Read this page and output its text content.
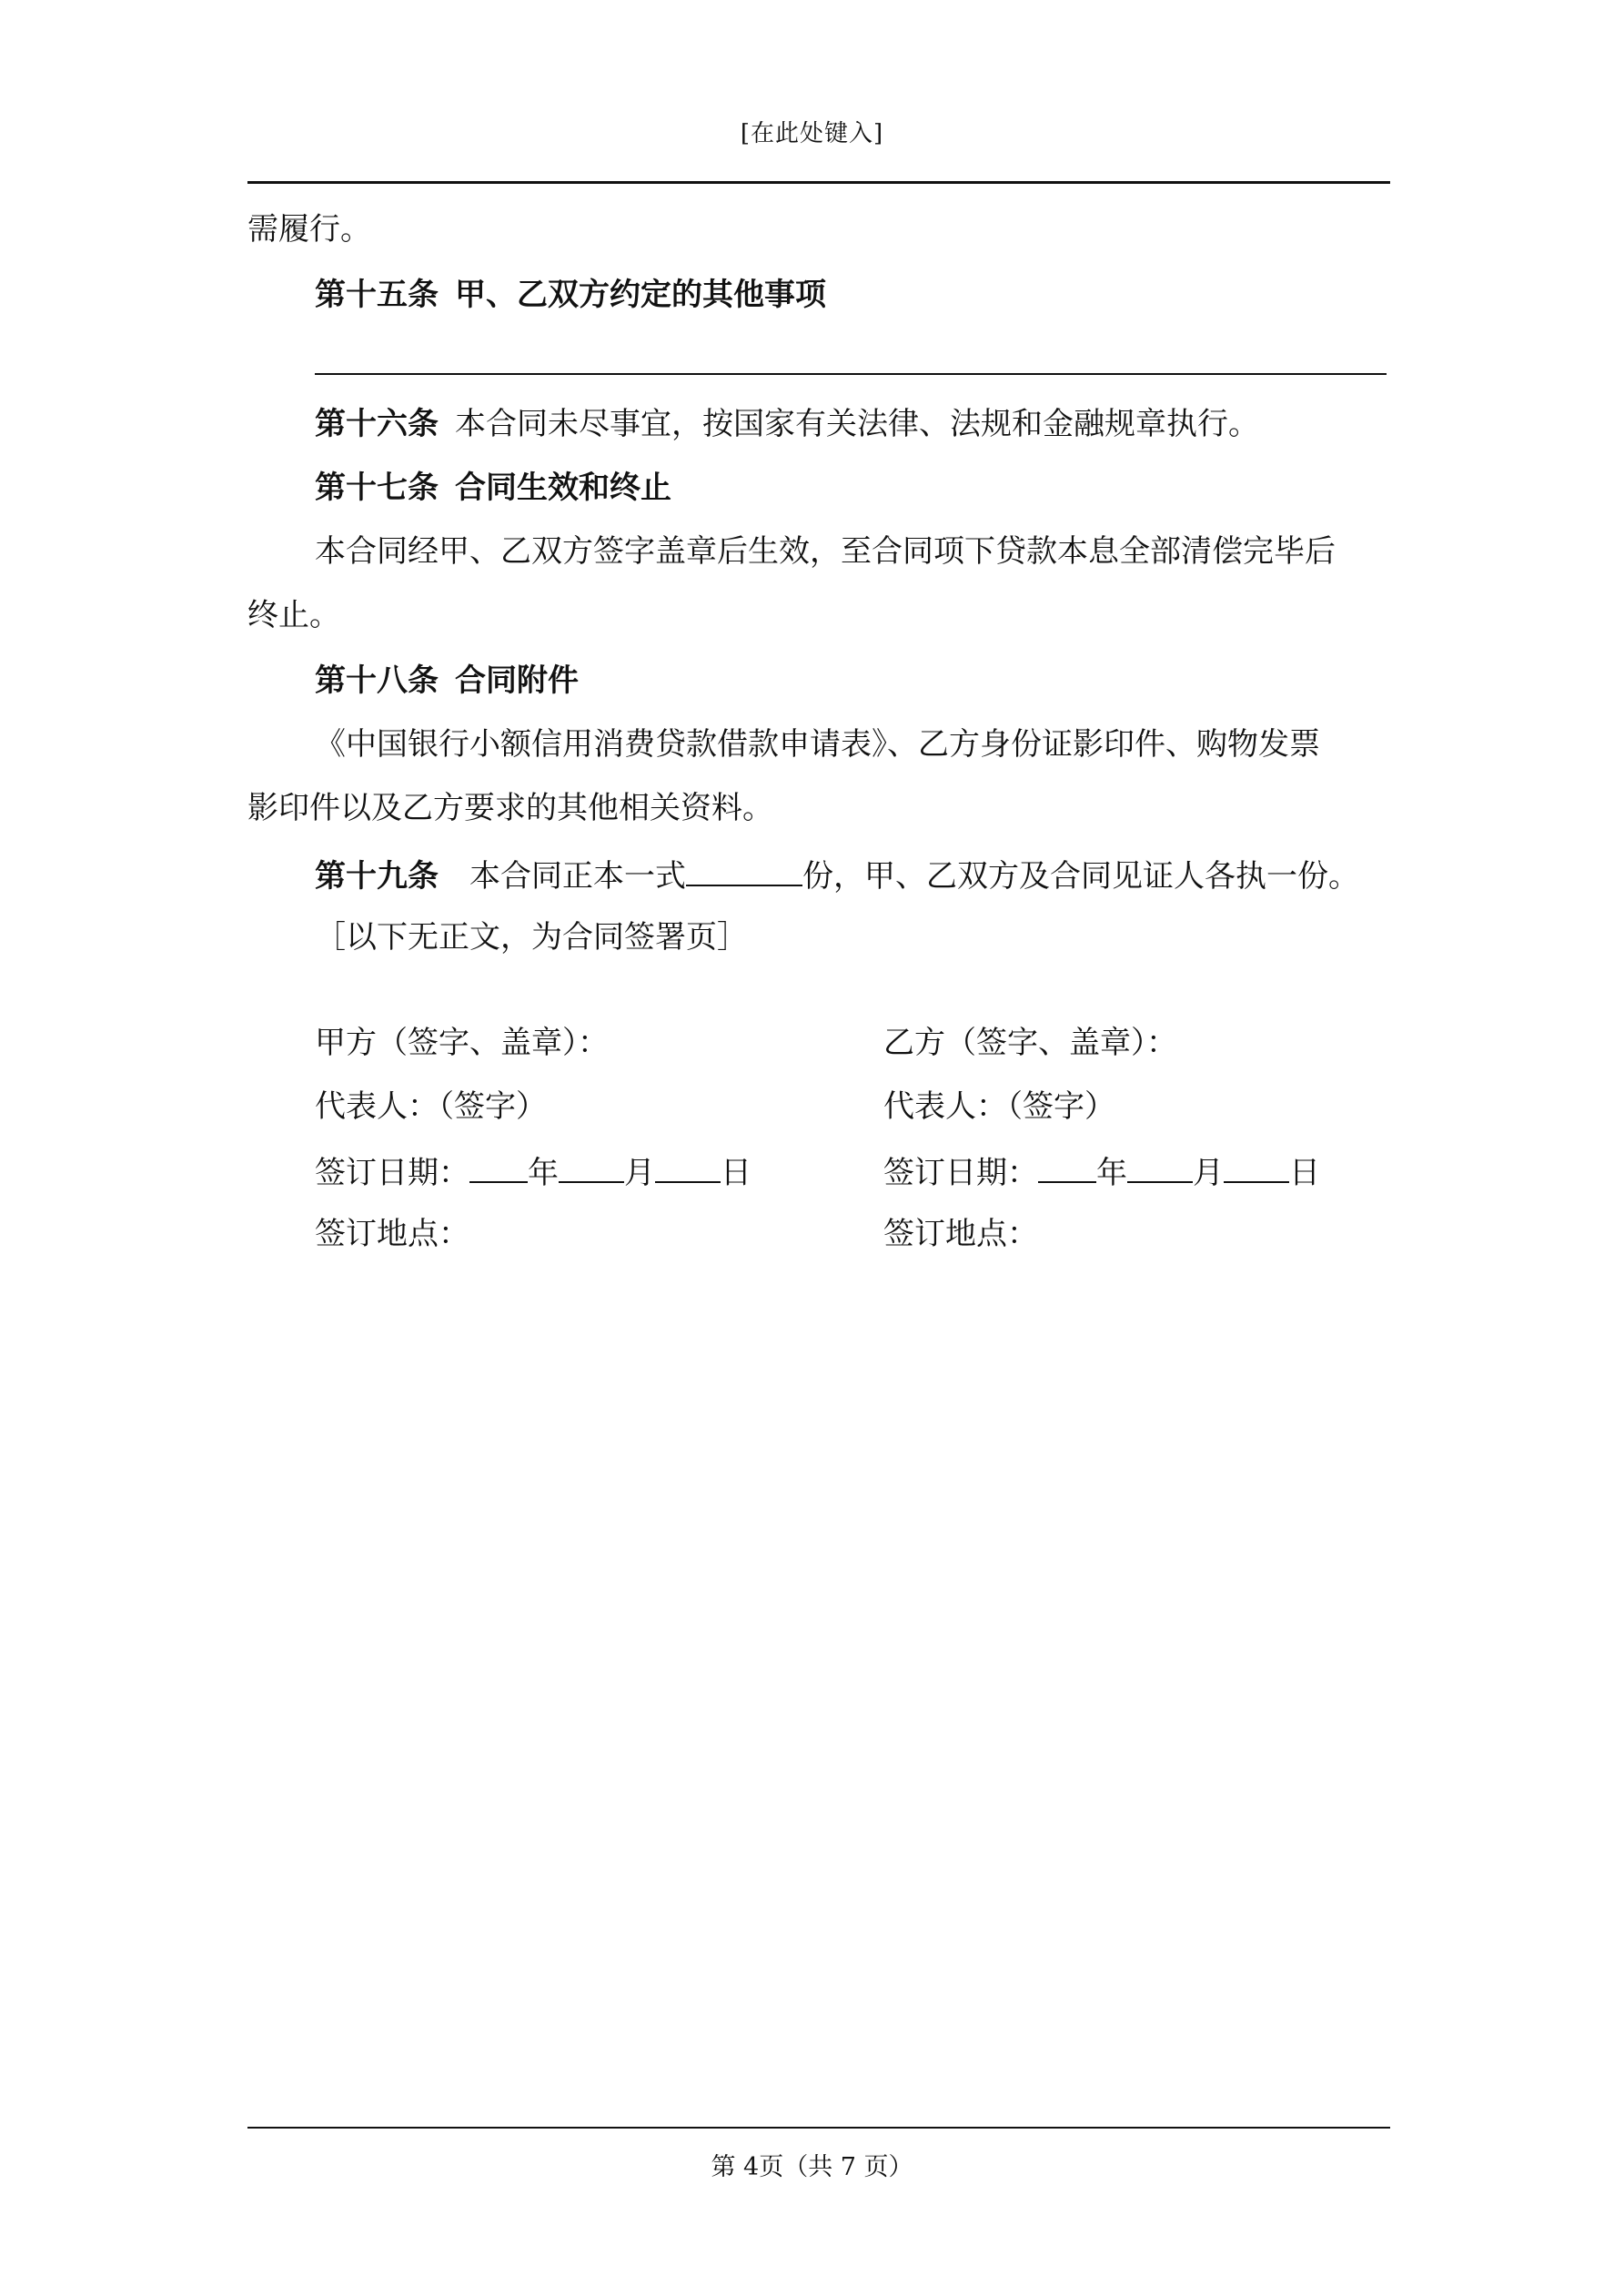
[在此处键入]
需履行。
第十五条 甲、乙双方约定的其他事项
第十六条 本合同未尽事宜，按国家有关法律、法规和金融规章执行。
第十七条 合同生效和终止
本合同经甲、乙双方签字盖章后生效，至合同项下贷款本息全部清偿完毕后
终止。
第十八条 合同附件
《中国银行小额信用消费贷款借款申请表》、乙方身份证影印件、购物发票
影印件以及乙方要求的其他相关资料。
第十九条 本合同正本一式	份，甲、乙双方及合同见证人各执一份。
［以下无正文，为合同签署页］
甲方（签字、盖章）：	乙方（签字、盖章）：
代表人：（签字）	代表人：（签字）
签订日期： 年 月 日	签订日期： 年 月 日
签订地点：	签订地点：
第 4页（共 7 页）
